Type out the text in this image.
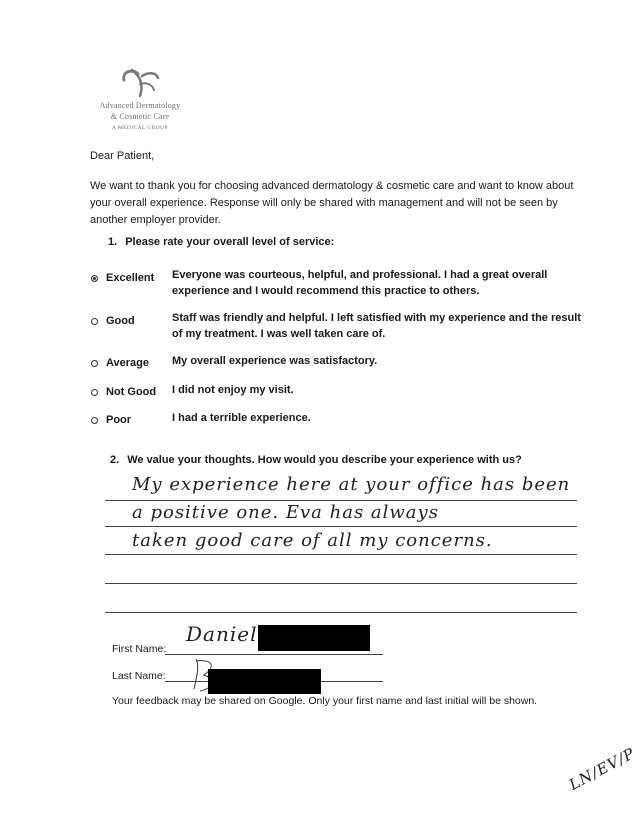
Advanced Dermatology
& Cosmetic Care
A MEDICAL GROUP
Dear Patient,
We want to thank you for choosing advanced dermatology & cosmetic care and want to know about your overall experience. Response will only be shared with management and will not be seen by another employer provider.
1. Please rate your overall level of service:
Excellent Everyone was courteous, helpful, and professional. I had a great overall experience and I would recommend this practice to others.
Good	Staff was friendly and helpful. I left satisfied with my experience and the result of my treatment. I was well taken care of.
Average My overall experience was satisfactory.
Not Good I did not enjoy my visit.
Poor	I had a terrible experience.
2. We value your thoughts. How would you describe your experience with us?
My experience here at your office has been
a positive one. Eva has always
taken good care of all my concerns.
First Name:
Daniel
Last Name:
Your feedback may be shared on Google. Only your first name and last initial will be shown.
LN/EV/P
